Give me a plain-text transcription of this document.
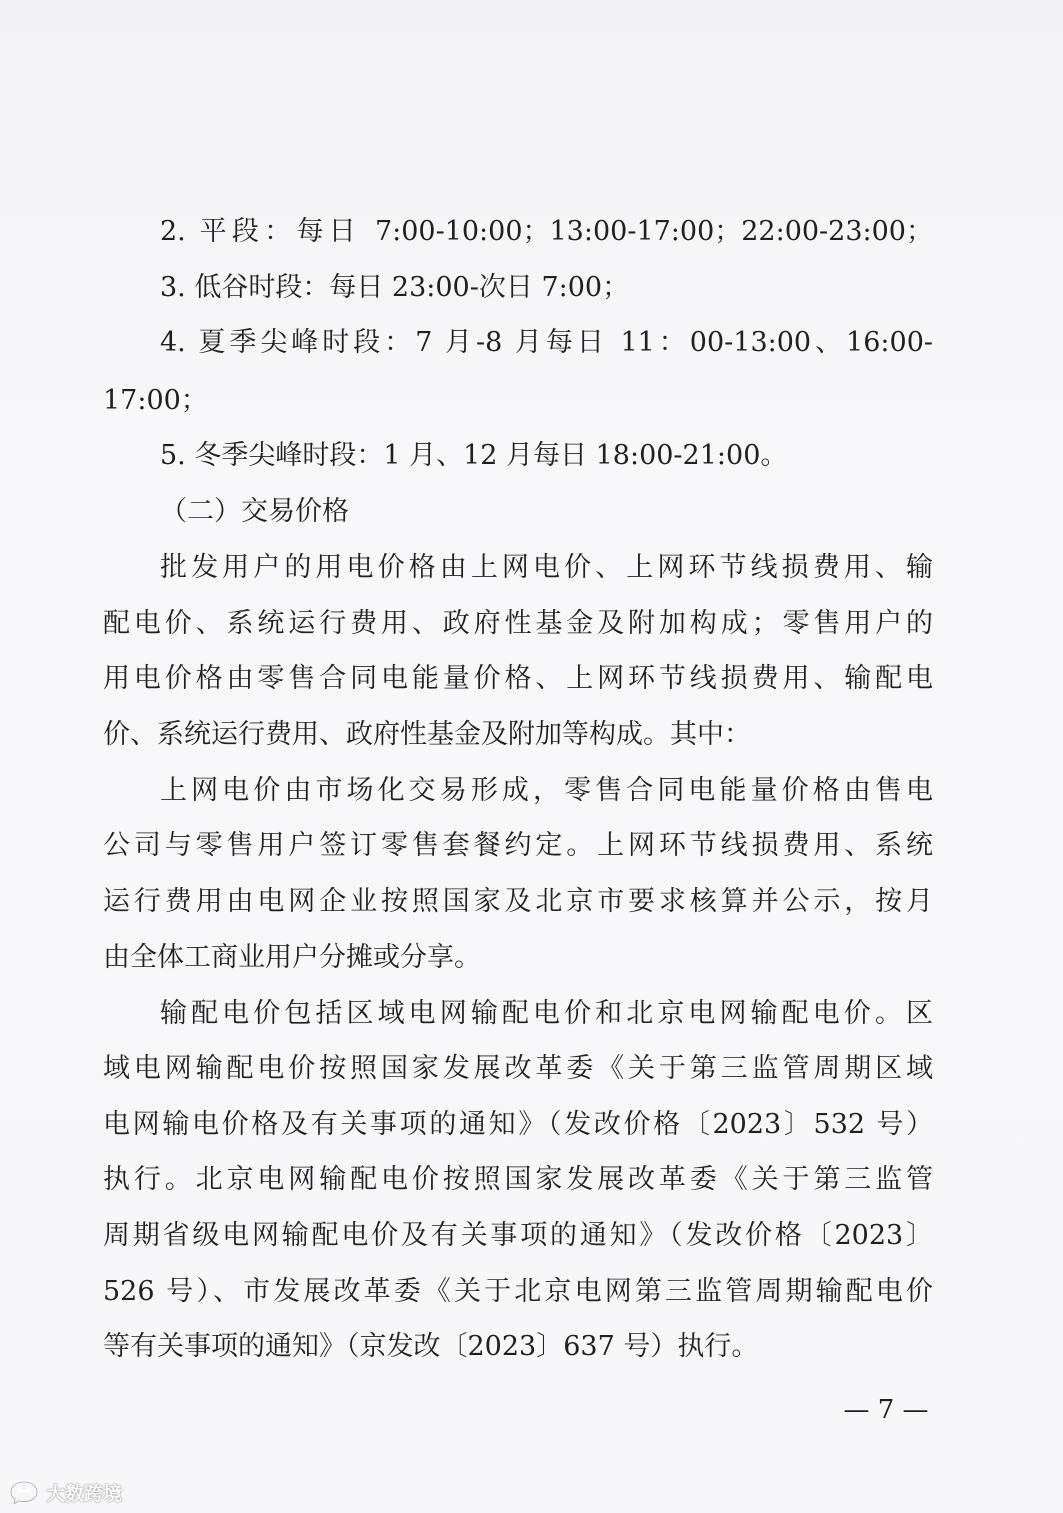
2. 平段：每日 7:00-10:00；13:00-17:00；22:00-23:00；
3. 低谷时段：每日 23:00-次日 7:00；
4. 夏季尖峰时段：7 月-8 月每日 11：00-13:00、16:00-
17:00；
5. 冬季尖峰时段：1 月、12 月每日 18:00-21:00。
（二）交易价格
批发用户的用电价格由上网电价、上网环节线损费用、输
配电价、系统运行费用、政府性基金及附加构成；零售用户的
用电价格由零售合同电能量价格、上网环节线损费用、输配电
价、系统运行费用、政府性基金及附加等构成。其中：
上网电价由市场化交易形成，零售合同电能量价格由售电
公司与零售用户签订零售套餐约定。上网环节线损费用、系统
运行费用由电网企业按照国家及北京市要求核算并公示，按月
由全体工商业用户分摊或分享。
输配电价包括区域电网输配电价和北京电网输配电价。区
域电网输配电价按照国家发展改革委《关于第三监管周期区域
电网输电价格及有关事项的通知》（发改价格〔2023〕532 号）
执行。北京电网输配电价按照国家发展改革委《关于第三监管
周期省级电网输配电价及有关事项的通知》（发改价格〔2023〕
526 号）、市发展改革委《关于北京电网第三监管周期输配电价
等有关事项的通知》（京发改〔2023〕637 号）执行。
— 7 —
大数跨境
